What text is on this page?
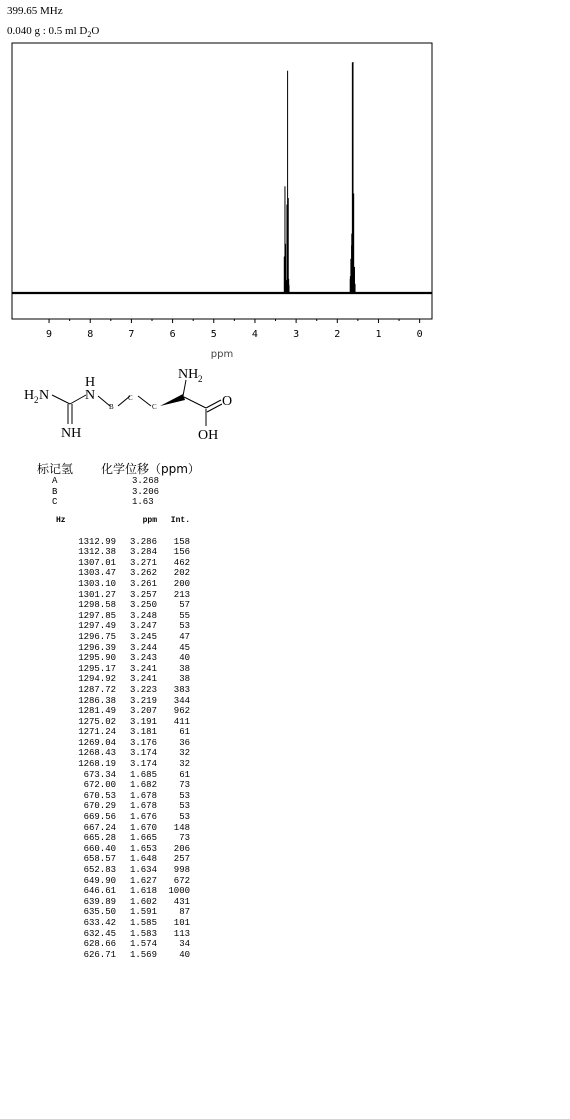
399.65 MHz
0.040 g : 0.5 ml $D_2O$
9	8	7	6	5	4	3	2	1	0
ppm
H 2 N
H
N
NH
B
C
C
NH 2
O
OH
标记氢 化学位移（ppm）
A	3.268
B	3.206
C	1.63
Hz	ppm	Int.

1312.99	3.286	158
1312.38	3.284	156
1307.01	3.271	462
1303.47	3.262	202
1303.10	3.261	200
1301.27	3.257	213
1298.58	3.250	57
1297.85	3.248	55
1297.49	3.247	53
1296.75	3.245	47
1296.39	3.244	45
1295.90	3.243	40
1295.17	3.241	38
1294.92	3.241	38
1287.72	3.223	383
1286.38	3.219	344
1281.49	3.207	962
1275.02	3.191	411
1271.24	3.181	61
1269.04	3.176	36
1268.43	3.174	32
1268.19	3.174	32
673.34	1.685	61
672.00	1.682	73
670.53	1.678	53
670.29	1.678	53
669.56	1.676	53
667.24	1.670	148
665.28	1.665	73
660.40	1.653	206
658.57	1.648	257
652.83	1.634	998
649.90	1.627	672
646.61	1.618	1000
639.89	1.602	431
635.50	1.591	87
633.42	1.585	101
632.45	1.583	113
628.66	1.574	34
626.71	1.569	40
